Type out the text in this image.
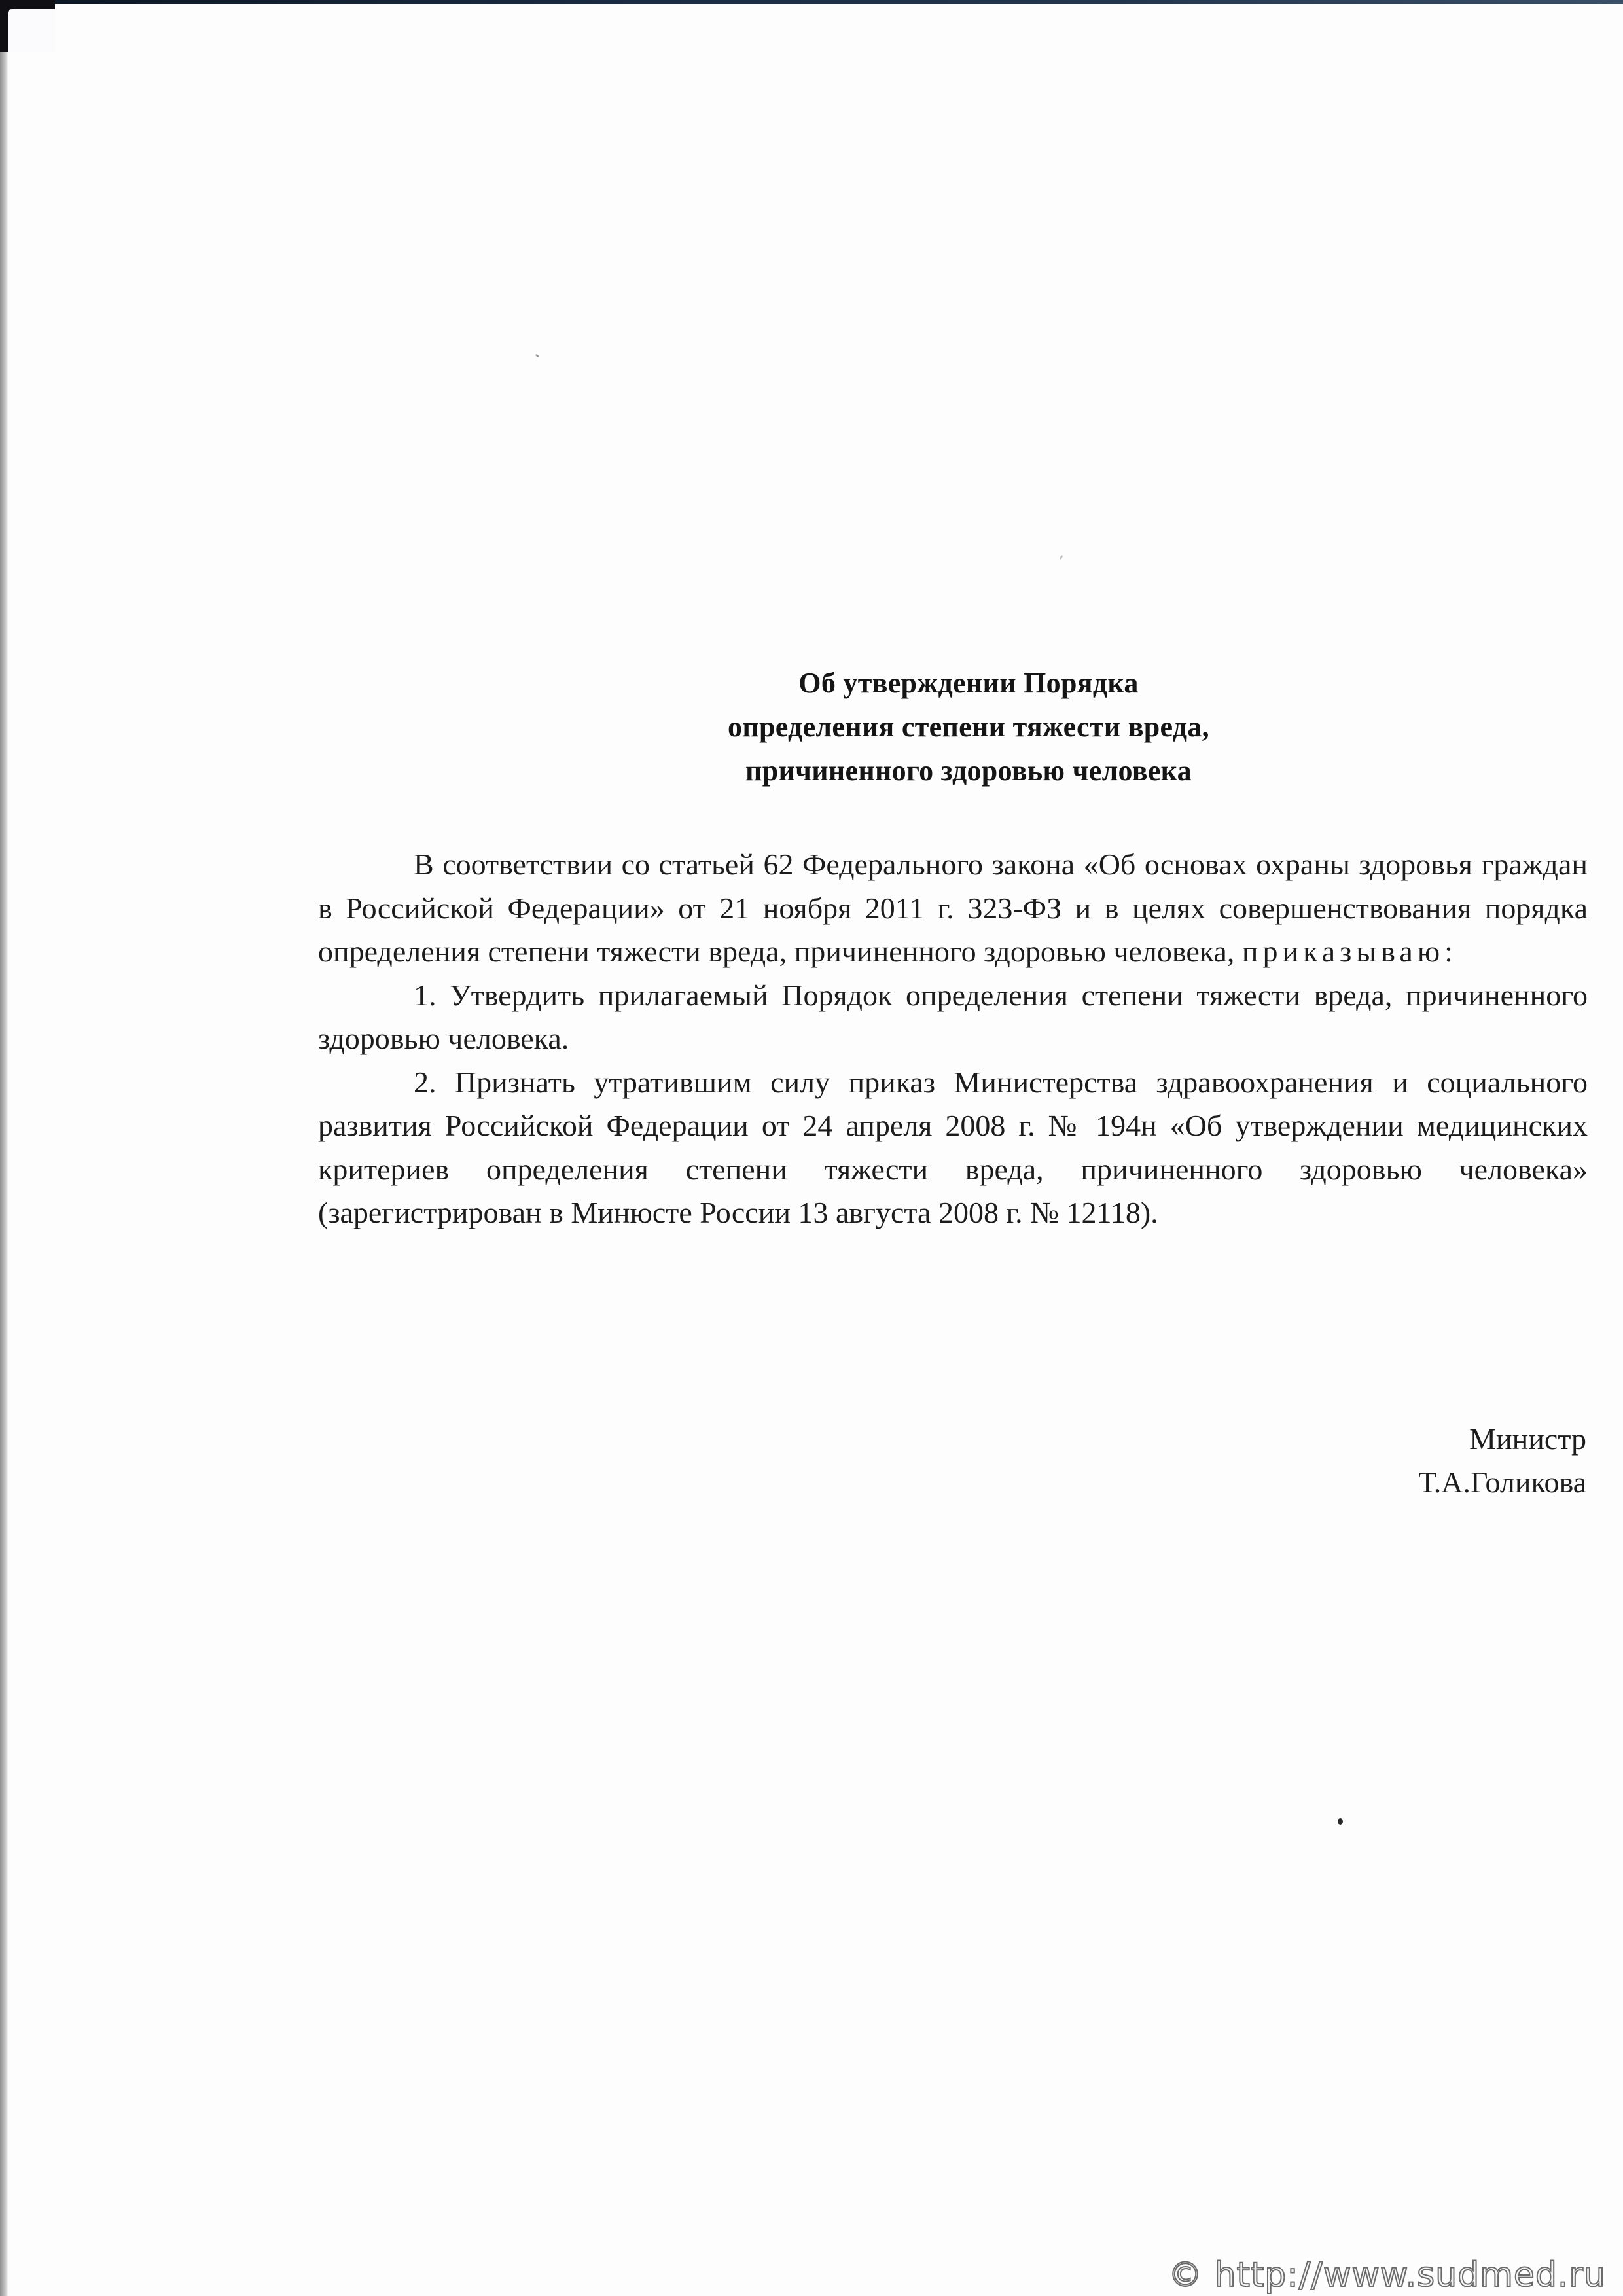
Об утверждении Порядка
определения степени тяжести вреда,
причиненного здоровью человека

В соответствии со статьей 62 Федерального закона «Об основах охраны здоровья граждан в Российской Федерации» от 21 ноября 2011 г. 323-ФЗ и в целях совершенствования порядка определения степени тяжести вреда, причиненного здоровью человека, приказываю:

1. Утвердить прилагаемый Порядок определения степени тяжести вреда, причиненного здоровью человека.

2. Признать утратившим силу приказ Министерства здравоохранения и социального развития Российской Федерации от 24 апреля 2008 г. № 194н «Об утверждении медицинских критериев определения степени тяжести вреда, причиненного здоровью человека» (зарегистрирован в Минюсте России 13 августа 2008 г. № 12118).

Министр
Т.А.Голикова
© http://www.sudmed.ru
